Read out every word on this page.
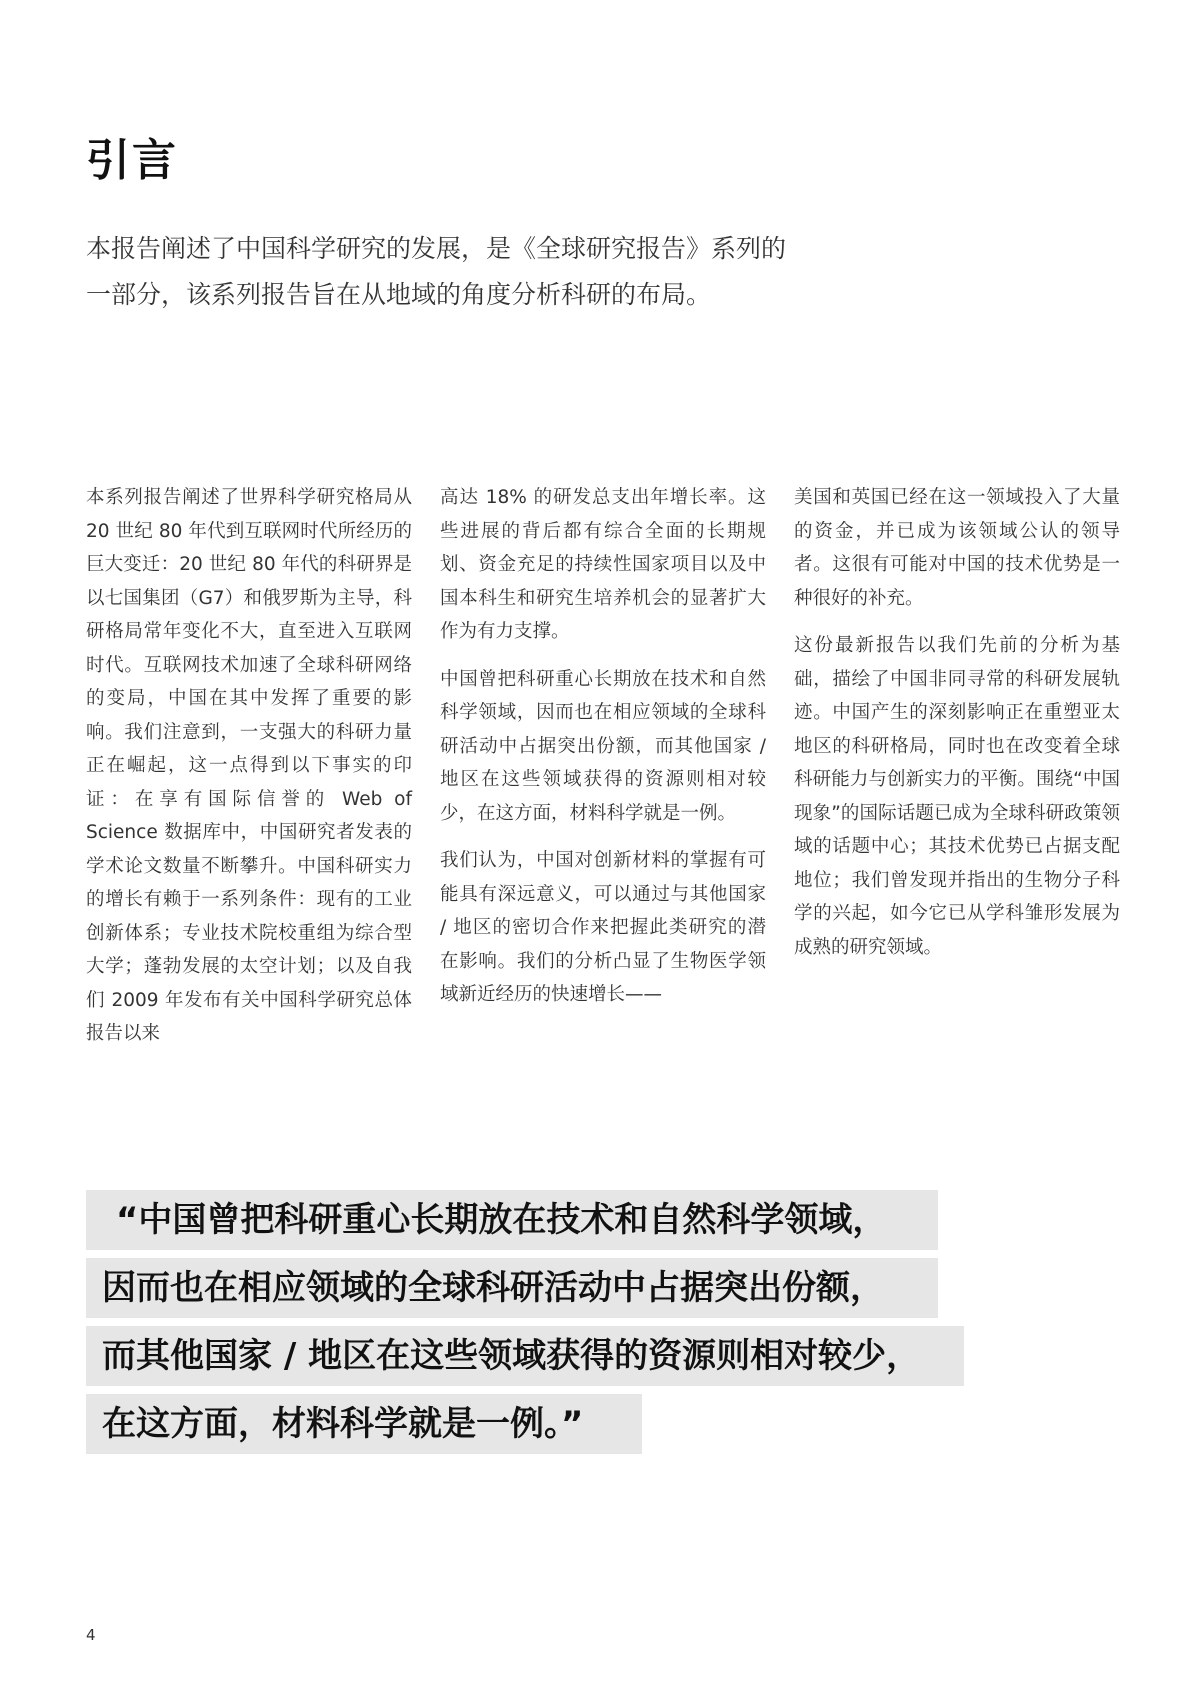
引言

本报告阐述了中国科学研究的发展，是《全球研究报告》系列的一部分，该系列报告旨在从地域的角度分析科研的布局。

本系列报告阐述了世界科学研究格局从 20 世纪 80 年代到互联网时代所经历的巨大变迁：20 世纪 80 年代的科研界是以七国集团（G7）和俄罗斯为主导，科研格局常年变化不大，直至进入互联网时代。互联网技术加速了全球科研网络的变局，中国在其中发挥了重要的影响。我们注意到，一支强大的科研力量正在崛起，这一点得到以下事实的印证：在享有国际信誉的 Web of Science 数据库中，中国研究者发表的学术论文数量不断攀升。中国科研实力的增长有赖于一系列条件：现有的工业创新体系；专业技术院校重组为综合型大学；蓬勃发展的太空计划；以及自我们 2009 年发布有关中国科学研究总体报告以来

高达 18% 的研发总支出年增长率。这些进展的背后都有综合全面的长期规划、资金充足的持续性国家项目以及中国本科生和研究生培养机会的显著扩大作为有力支撑。

中国曾把科研重心长期放在技术和自然科学领域，因而也在相应领域的全球科研活动中占据突出份额，而其他国家 / 地区在这些领域获得的资源则相对较少，在这方面，材料科学就是一例。

我们认为，中国对创新材料的掌握有可能具有深远意义，可以通过与其他国家 / 地区的密切合作来把握此类研究的潜在影响。我们的分析凸显了生物医学领域新近经历的快速增长——

美国和英国已经在这一领域投入了大量的资金，并已成为该领域公认的领导者。这很有可能对中国的技术优势是一种很好的补充。

这份最新报告以我们先前的分析为基础，描绘了中国非同寻常的科研发展轨迹。中国产生的深刻影响正在重塑亚太地区的科研格局，同时也在改变着全球科研能力与创新实力的平衡。围绕“中国现象”的国际话题已成为全球科研政策领域的话题中心；其技术优势已占据支配地位；我们曾发现并指出的生物分子科学的兴起，如今它已从学科雏形发展为成熟的研究领域。

“中国曾把科研重心长期放在技术和自然科学领域，
因而也在相应领域的全球科研活动中占据突出份额，
而其他国家 / 地区在这些领域获得的资源则相对较少，
在这方面，材料科学就是一例。”
4
